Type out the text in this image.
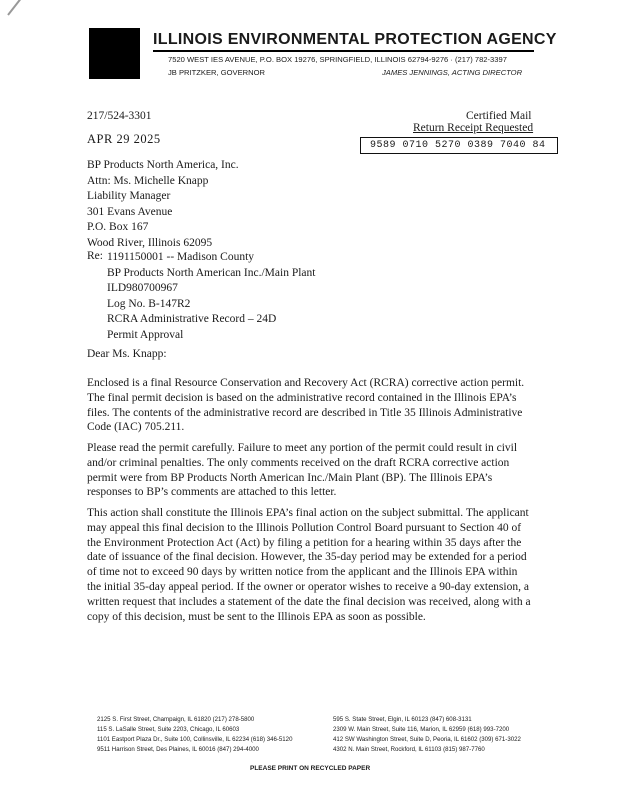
ILLINOIS ENVIRONMENTAL PROTECTION AGENCY
7520 WEST IES AVENUE, P.O. BOX 19276, SPRINGFIELD, ILLINOIS 62794-9276 · (217) 782-3397
JB PRITZKER, GOVERNOR	JAMES JENNINGS, ACTING DIRECTOR
217/524-3301
APR 29 2025
Certified Mail
Return Receipt Requested
9589 0710 5270 0389 7040 84
BP Products North America, Inc.
Attn: Ms. Michelle Knapp
Liability Manager
301 Evans Avenue
P.O. Box 167
Wood River, Illinois 62095
Re: 1191150001 -- Madison County
BP Products North American Inc./Main Plant
ILD980700967
Log No. B-147R2
RCRA Administrative Record – 24D
Permit Approval
Dear Ms. Knapp:
Enclosed is a final Resource Conservation and Recovery Act (RCRA) corrective action permit.
The final permit decision is based on the administrative record contained in the Illinois EPA’s
files. The contents of the administrative record are described in Title 35 Illinois Administrative
Code (IAC) 705.211.
Please read the permit carefully. Failure to meet any portion of the permit could result in civil
and/or criminal penalties. The only comments received on the draft RCRA corrective action
permit were from BP Products North American Inc./Main Plant (BP). The Illinois EPA’s
responses to BP’s comments are attached to this letter.
This action shall constitute the Illinois EPA’s final action on the subject submittal. The applicant
may appeal this final decision to the Illinois Pollution Control Board pursuant to Section 40 of
the Environment Protection Act (Act) by filing a petition for a hearing within 35 days after the
date of issuance of the final decision. However, the 35-day period may be extended for a period
of time not to exceed 90 days by written notice from the applicant and the Illinois EPA within
the initial 35-day appeal period. If the owner or operator wishes to receive a 90-day extension, a
written request that includes a statement of the date the final decision was received, along with a
copy of this decision, must be sent to the Illinois EPA as soon as possible.
2125 S. First Street, Champaign, IL 61820 (217) 278-5800
115 S. LaSalle Street, Suite 2203, Chicago, IL 60603
1101 Eastport Plaza Dr., Suite 100, Collinsville, IL 62234 (618) 346-5120
9511 Harrison Street, Des Plaines, IL 60016 (847) 294-4000
595 S. State Street, Elgin, IL 60123 (847) 608-3131
2309 W. Main Street, Suite 116, Marion, IL 62959 (618) 993-7200
412 SW Washington Street, Suite D, Peoria, IL 61602 (309) 671-3022
4302 N. Main Street, Rockford, IL 61103 (815) 987-7760
PLEASE PRINT ON RECYCLED PAPER
